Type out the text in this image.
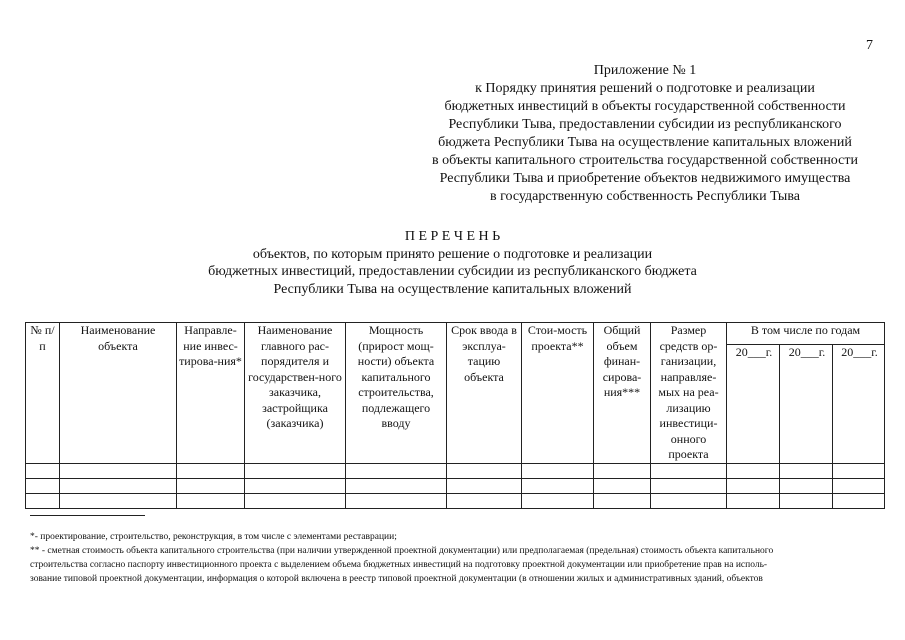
7
Приложение № 1
к Порядку принятия решений о подготовке и реализации
бюджетных инвестиций в объекты государственной собственности
Республики Тыва, предоставлении субсидии из республиканского
бюджета Республики Тыва на осуществление капитальных вложений
в объекты капитального строительства государственной собственности
Республики Тыва и приобретение объектов недвижимого имущества
в государственную собственность Республики Тыва
П Е Р Е Ч Е Н Ь
объектов, по которым принято решение о подготовке и реализации
бюджетных инвестиций, предоставлении субсидии из республиканского бюджета
Республики Тыва на осуществление капитальных вложений
№ п/п	Наименование объекта	Направле-ние инвес-тирова-ния*	Наименование главного рас-порядителя и государствен-ного заказчика, застройщика (заказчика)	Мощность (прирост мощ-ности) объекта капитального строительства, подлежащего вводу	Срок ввода в эксплуа-тацию объекта	Стои-мость проекта**	Общий объем финан-сирова-ния***	Размер средств ор-ганизации, направляе-мых на реа-лизацию инвестици-онного проекта	В том числе по годам		
									20___г.	20___г.	20___г.

*- проектирование, строительство, реконструкция, в том числе с элементами реставрации;
** - сметная стоимость объекта капитального строительства (при наличии утвержденной проектной документации) или предполагаемая (предельная) стоимость объекта капитального
строительства согласно паспорту инвестиционного проекта с выделением объема бюджетных инвестиций на подготовку проектной документации или приобретение прав на исполь-
зование типовой проектной документации, информация о которой включена в реестр типовой проектной документации (в отношении жилых и административных зданий, объектов
